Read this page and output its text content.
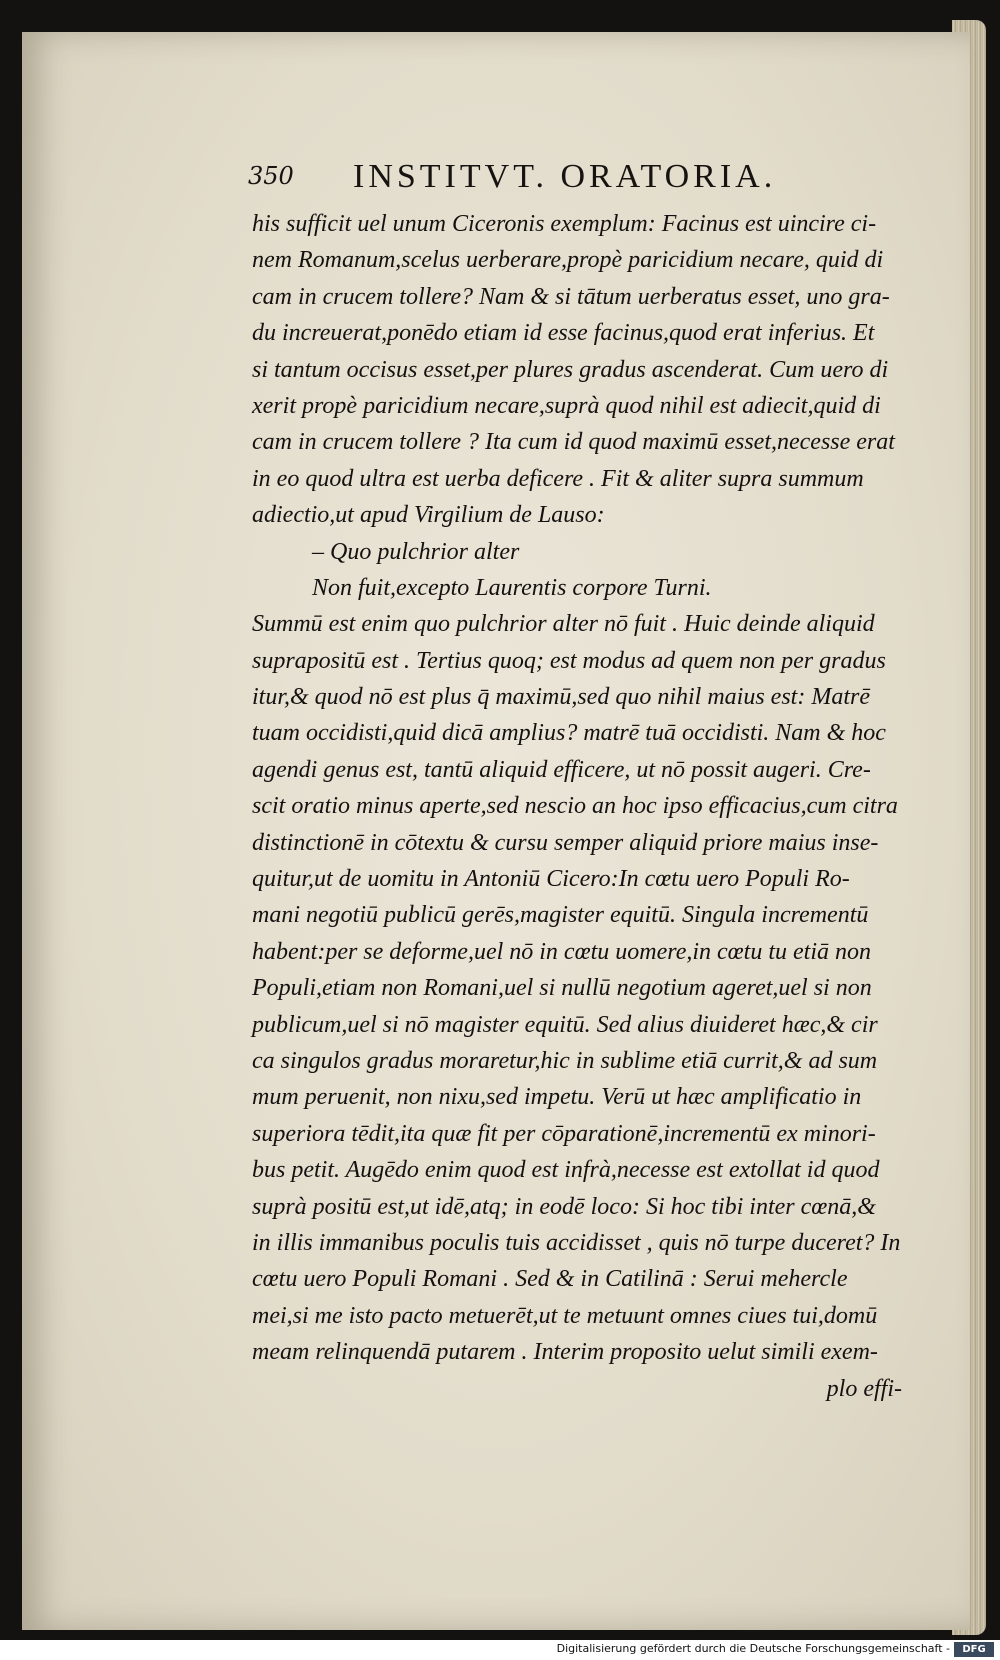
350 INSTITVT. ORATORIA.
his sufficit uel unum Ciceronis exemplum: Facinus est uincire ci-
nem Romanum,scelus uerberare,propè paricidium necare, quid di
cam in crucem tollere? Nam & si tātum uerberatus esset, uno gra-
du increuerat,ponēdo etiam id esse facinus,quod erat inferius. Et
si tantum occisus esset,per plures gradus ascenderat. Cum uero di
xerit propè paricidium necare,suprà quod nihil est adiecit,quid di
cam in crucem tollere ? Ita cum id quod maximū esset,necesse erat
in eo quod ultra est uerba deficere . Fit & aliter supra summum
adiectio,ut apud Virgilium de Lauso:
– Quo pulchrior alter
Non fuit,excepto Laurentis corpore Turni.
Summū est enim quo pulchrior alter nō fuit . Huic deinde aliquid
suprapositū est . Tertius quoq; est modus ad quem non per gradus
itur,& quod nō est plus q̄ maximū,sed quo nihil maius est: Matrē
tuam occidisti,quid dicā amplius? matrē tuā occidisti. Nam & hoc
agendi genus est, tantū aliquid efficere, ut nō possit augeri. Cre-
scit oratio minus aperte,sed nescio an hoc ipso efficacius,cum citra
distinctionē in cōtextu & cursu semper aliquid priore maius inse-
quitur,ut de uomitu in Antoniū Cicero:In cœtu uero Populi Ro-
mani negotiū publicū gerēs,magister equitū. Singula incrementū
habent:per se deforme,uel nō in cœtu uomere,in cœtu tu etiā non
Populi,etiam non Romani,uel si nullū negotium ageret,uel si non
publicum,uel si nō magister equitū. Sed alius diuideret hæc,& cir
ca singulos gradus moraretur,hic in sublime etiā currit,& ad sum
mum peruenit, non nixu,sed impetu. Verū ut hæc amplificatio in
superiora tēdit,ita quæ fit per cōparationē,incrementū ex minori-
bus petit. Augēdo enim quod est infrà,necesse est extollat id quod
suprà positū est,ut idē,atq; in eodē loco: Si hoc tibi inter cœnā,&
in illis immanibus poculis tuis accidisset , quis nō turpe duceret? In
cœtu uero Populi Romani . Sed & in Catilinā : Serui mehercle
mei,si me isto pacto metuerēt,ut te metuunt omnes ciues tui,domū
meam relinquendā putarem . Interim proposito uelut simili exem-
plo effi-
Digitalisierung gefördert durch die Deutsche Forschungsgemeinschaft -	DFG
